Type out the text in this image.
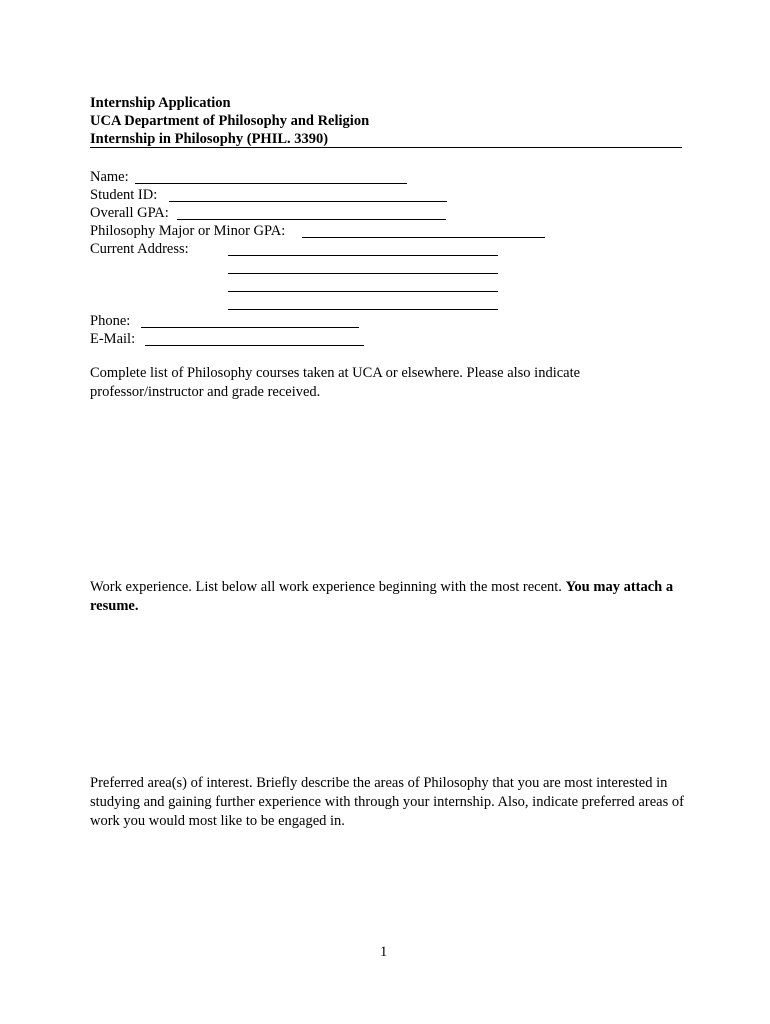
Internship Application
UCA Department of Philosophy and Religion
Internship in Philosophy (PHIL. 3390)
Name:
Student ID:
Overall GPA:
Philosophy Major or Minor GPA:
Current Address:
Phone:
E-Mail:
Complete list of Philosophy courses taken at UCA or elsewhere. Please also indicate professor/instructor and grade received.
Work experience. List below all work experience beginning with the most recent. You may attach a resume.
Preferred area(s) of interest. Briefly describe the areas of Philosophy that you are most interested in studying and gaining further experience with through your internship. Also, indicate preferred areas of work you would most like to be engaged in.
1
